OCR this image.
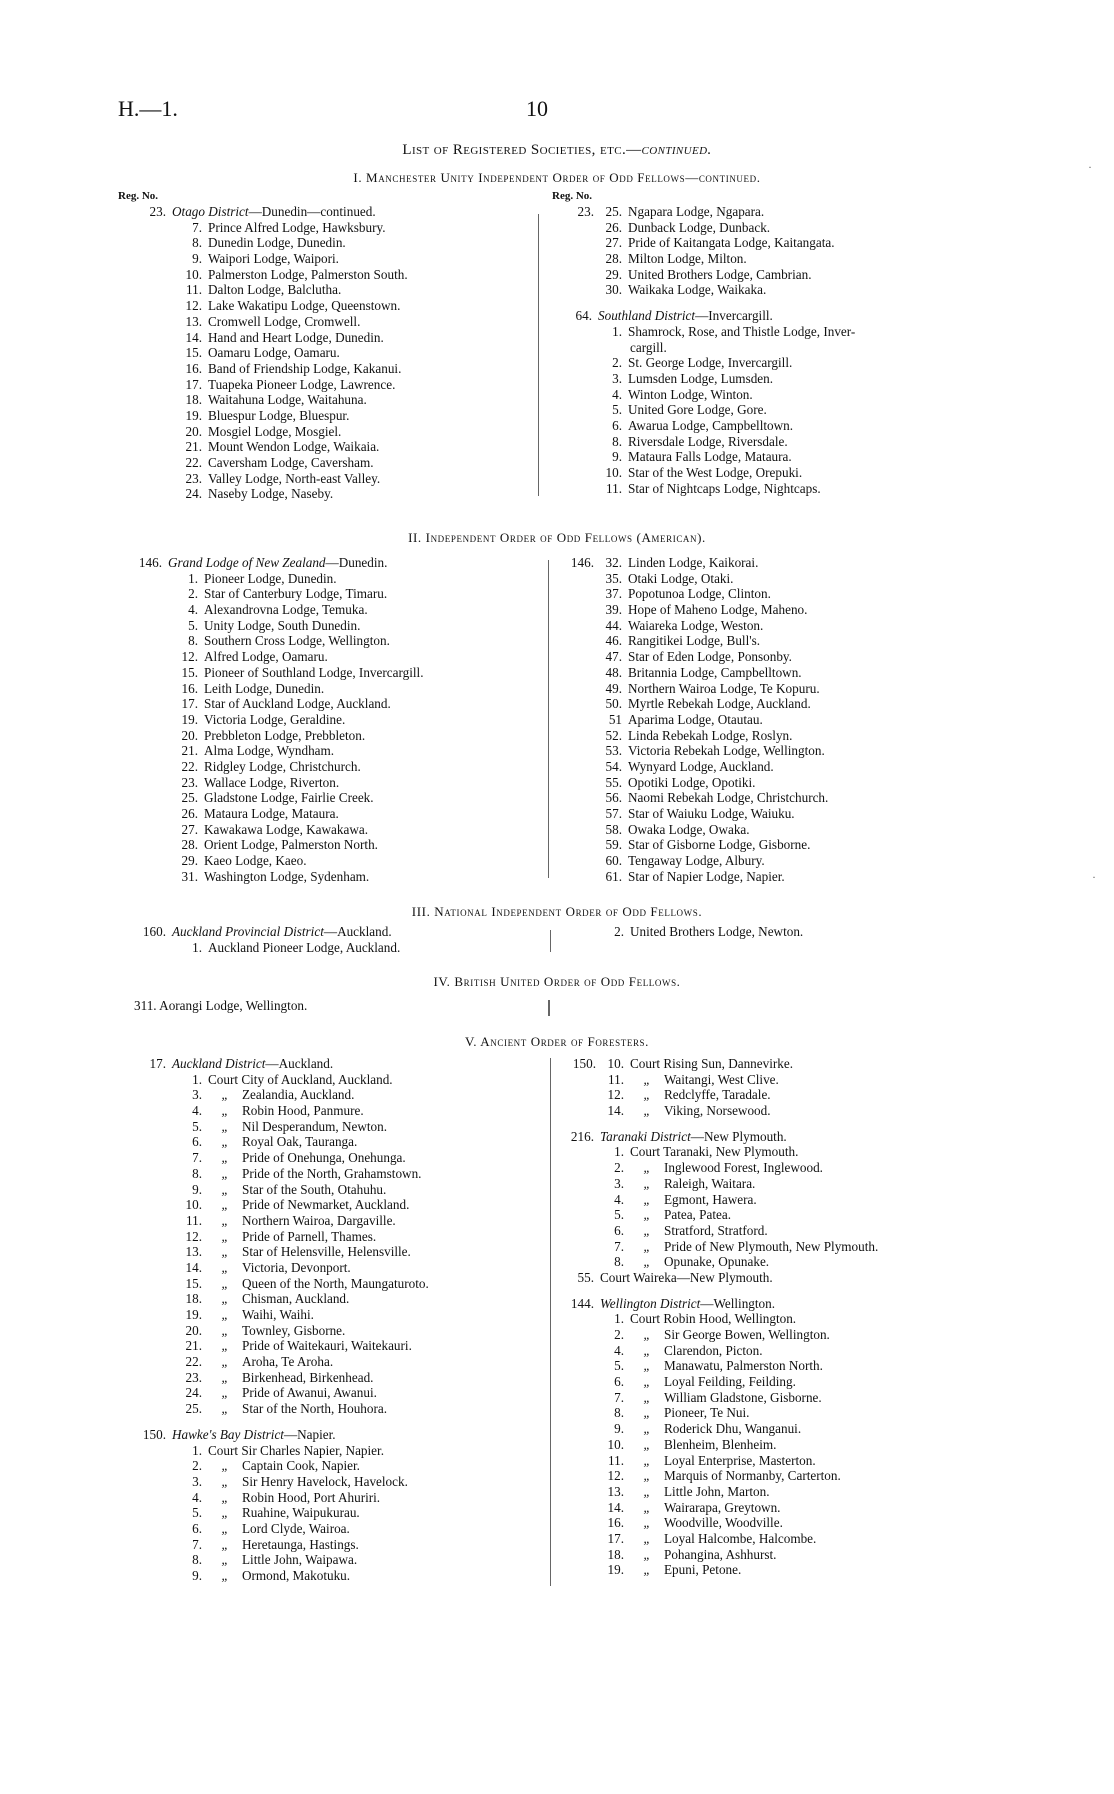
H.—1.	10
List of Registered Societies, etc.—continued.
I. Manchester Unity Independent Order of Odd Fellows—continued.
Reg. No.	Reg. No.
23. Otago District—Dunedin—continued.
7. Prince Alfred Lodge, Hawksbury.
8. Dunedin Lodge, Dunedin.
9. Waipori Lodge, Waipori.
10. Palmerston Lodge, Palmerston South.
11. Dalton Lodge, Balclutha.
12. Lake Wakatipu Lodge, Queenstown.
13. Cromwell Lodge, Cromwell.
14. Hand and Heart Lodge, Dunedin.
15. Oamaru Lodge, Oamaru.
16. Band of Friendship Lodge, Kakanui.
17. Tuapeka Pioneer Lodge, Lawrence.
18. Waitahuna Lodge, Waitahuna.
19. Bluespur Lodge, Bluespur.
20. Mosgiel Lodge, Mosgiel.
21. Mount Wendon Lodge, Waikaia.
22. Caversham Lodge, Caversham.
23. Valley Lodge, North-east Valley.
24. Naseby Lodge, Naseby.
23. 25. Ngapara Lodge, Ngapara.
26. Dunback Lodge, Dunback.
27. Pride of Kaitangata Lodge, Kaitangata.
28. Milton Lodge, Milton.
29. United Brothers Lodge, Cambrian.
30. Waikaka Lodge, Waikaka.
64. Southland District—Invercargill.
1. Shamrock, Rose, and Thistle Lodge, Inver-
cargill.
2. St. George Lodge, Invercargill.
3. Lumsden Lodge, Lumsden.
4. Winton Lodge, Winton.
5. United Gore Lodge, Gore.
6. Awarua Lodge, Campbelltown.
8. Riversdale Lodge, Riversdale.
9. Mataura Falls Lodge, Mataura.
10. Star of the West Lodge, Orepuki.
11. Star of Nightcaps Lodge, Nightcaps.
II. Independent Order of Odd Fellows (American).
146. Grand Lodge of New Zealand—Dunedin.
1. Pioneer Lodge, Dunedin.
2. Star of Canterbury Lodge, Timaru.
4. Alexandrovna Lodge, Temuka.
5. Unity Lodge, South Dunedin.
8. Southern Cross Lodge, Wellington.
12. Alfred Lodge, Oamaru.
15. Pioneer of Southland Lodge, Invercargill.
16. Leith Lodge, Dunedin.
17. Star of Auckland Lodge, Auckland.
19. Victoria Lodge, Geraldine.
20. Prebbleton Lodge, Prebbleton.
21. Alma Lodge, Wyndham.
22. Ridgley Lodge, Christchurch.
23. Wallace Lodge, Riverton.
25. Gladstone Lodge, Fairlie Creek.
26. Mataura Lodge, Mataura.
27. Kawakawa Lodge, Kawakawa.
28. Orient Lodge, Palmerston North.
29. Kaeo Lodge, Kaeo.
31. Washington Lodge, Sydenham.
146. 32. Linden Lodge, Kaikorai.
35. Otaki Lodge, Otaki.
37. Popotunoa Lodge, Clinton.
39. Hope of Maheno Lodge, Maheno.
44. Waiareka Lodge, Weston.
46. Rangitikei Lodge, Bull's.
47. Star of Eden Lodge, Ponsonby.
48. Britannia Lodge, Campbelltown.
49. Northern Wairoa Lodge, Te Kopuru.
50. Myrtle Rebekah Lodge, Auckland.
51 Aparima Lodge, Otautau.
52. Linda Rebekah Lodge, Roslyn.
53. Victoria Rebekah Lodge, Wellington.
54. Wynyard Lodge, Auckland.
55. Opotiki Lodge, Opotiki.
56. Naomi Rebekah Lodge, Christchurch.
57. Star of Waiuku Lodge, Waiuku.
58. Owaka Lodge, Owaka.
59. Star of Gisborne Lodge, Gisborne.
60. Tengaway Lodge, Albury.
61. Star of Napier Lodge, Napier.
III. National Independent Order of Odd Fellows.
160. Auckland Provincial District—Auckland.
1. Auckland Pioneer Lodge, Auckland.
2. United Brothers Lodge, Newton.
IV. British United Order of Odd Fellows.
311. Aorangi Lodge, Wellington.
V. Ancient Order of Foresters.
17. Auckland District—Auckland.
1. Court City of Auckland, Auckland.
3. „ Zealandia, Auckland.
4. „ Robin Hood, Panmure.
5. „ Nil Desperandum, Newton.
6. „ Royal Oak, Tauranga.
7. „ Pride of Onehunga, Onehunga.
8. „ Pride of the North, Grahamstown.
9. „ Star of the South, Otahuhu.
10. „ Pride of Newmarket, Auckland.
11. „ Northern Wairoa, Dargaville.
12. „ Pride of Parnell, Thames.
13. „ Star of Helensville, Helensville.
14. „ Victoria, Devonport.
15. „ Queen of the North, Maungaturoto.
18. „ Chisman, Auckland.
19. „ Waihi, Waihi.
20. „ Townley, Gisborne.
21. „ Pride of Waitekauri, Waitekauri.
22. „ Aroha, Te Aroha.
23. „ Birkenhead, Birkenhead.
24. „ Pride of Awanui, Awanui.
25. „ Star of the North, Houhora.
150. Hawke's Bay District—Napier.
1. Court Sir Charles Napier, Napier.
2. „ Captain Cook, Napier.
3. „ Sir Henry Havelock, Havelock.
4. „ Robin Hood, Port Ahuriri.
5. „ Ruahine, Waipukurau.
6. „ Lord Clyde, Wairoa.
7. „ Heretaunga, Hastings.
8. „ Little John, Waipawa.
9. „ Ormond, Makotuku.
150. 10. Court Rising Sun, Dannevirke.
11. „ Waitangi, West Clive.
12. „ Redclyffe, Taradale.
14. „ Viking, Norsewood.
216. Taranaki District—New Plymouth.
1. Court Taranaki, New Plymouth.
2. „ Inglewood Forest, Inglewood.
3. „ Raleigh, Waitara.
4. „ Egmont, Hawera.
5. „ Patea, Patea.
6. „ Stratford, Stratford.
7. „ Pride of New Plymouth, New Plymouth.
8. „ Opunake, Opunake.
55. Court Waireka—New Plymouth.
144. Wellington District—Wellington.
1. Court Robin Hood, Wellington.
2. „ Sir George Bowen, Wellington.
4. „ Clarendon, Picton.
5. „ Manawatu, Palmerston North.
6. „ Loyal Feilding, Feilding.
7. „ William Gladstone, Gisborne.
8. „ Pioneer, Te Nui.
9. „ Roderick Dhu, Wanganui.
10. „ Blenheim, Blenheim.
11. „ Loyal Enterprise, Masterton.
12. „ Marquis of Normanby, Carterton.
13. „ Little John, Marton.
14. „ Wairarapa, Greytown.
16. „ Woodville, Woodville.
17. „ Loyal Halcombe, Halcombe.
18. „ Pohangina, Ashhurst.
19. „ Epuni, Petone.
·
·
